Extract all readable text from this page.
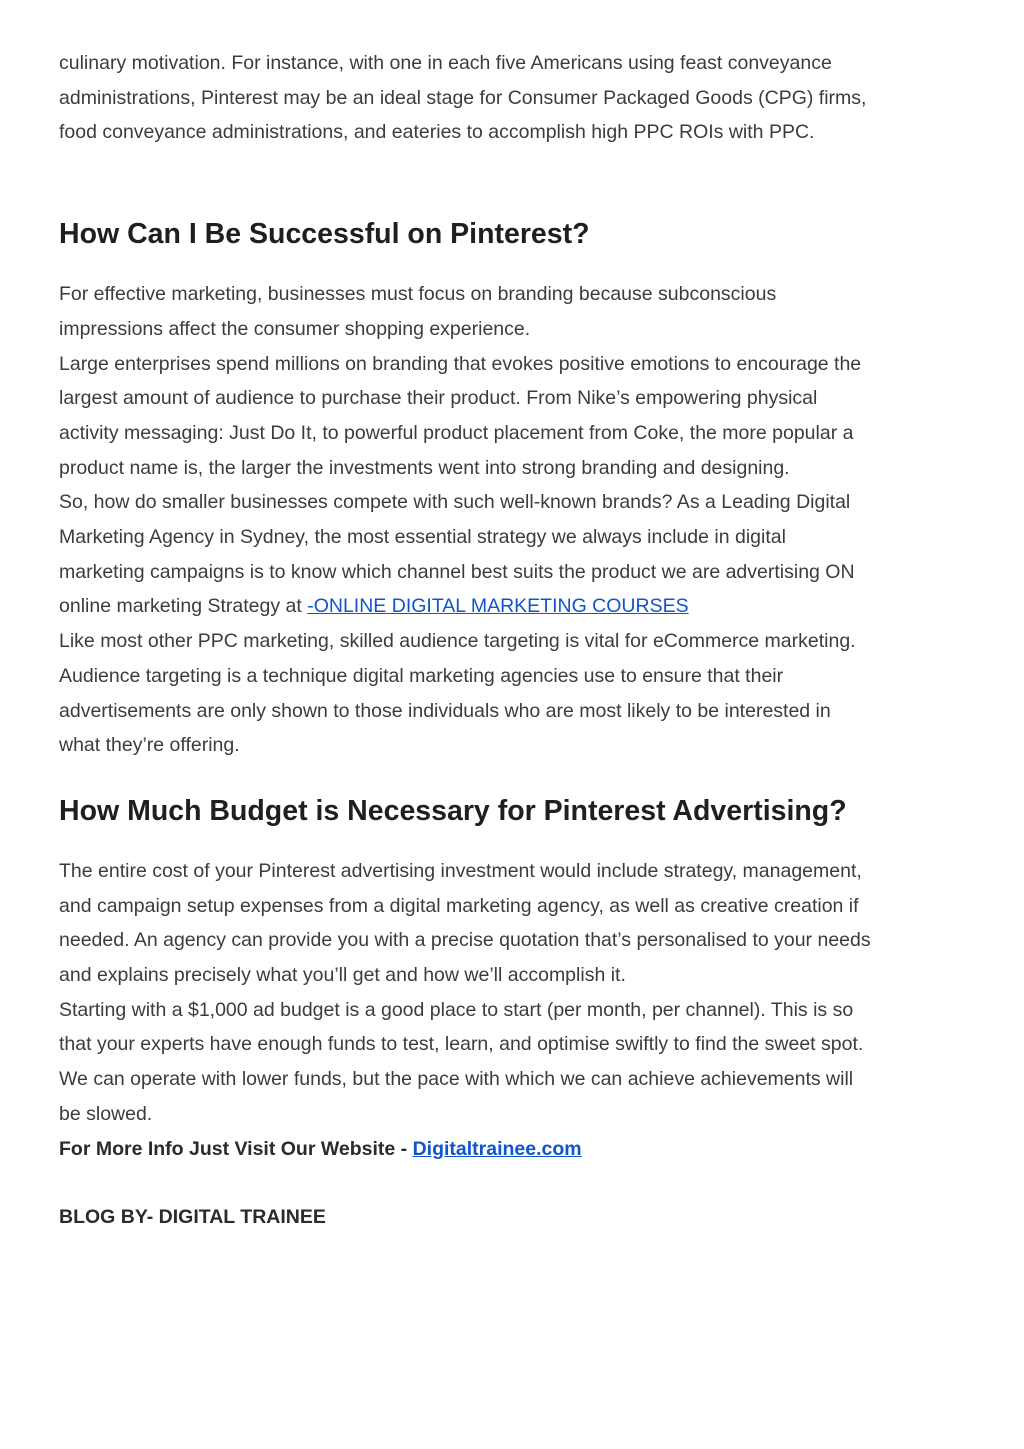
culinary motivation. For instance, with one in each five Americans using feast conveyance
administrations, Pinterest may be an ideal stage for Consumer Packaged Goods (CPG) firms,
food conveyance administrations, and eateries to accomplish high PPC ROIs with PPC.

How Can I Be Successful on Pinterest?

For effective marketing, businesses must focus on branding because subconscious
impressions affect the consumer shopping experience.
Large enterprises spend millions on branding that evokes positive emotions to encourage the
largest amount of audience to purchase their product. From Nike’s empowering physical
activity messaging: Just Do It, to powerful product placement from Coke, the more popular a
product name is, the larger the investments went into strong branding and designing.
So, how do smaller businesses compete with such well-known brands? As a Leading Digital
Marketing Agency in Sydney, the most essential strategy we always include in digital
marketing campaigns is to know which channel best suits the product we are advertising ON
online marketing Strategy at -ONLINE DIGITAL MARKETING COURSES
Like most other PPC marketing, skilled audience targeting is vital for eCommerce marketing.
Audience targeting is a technique digital marketing agencies use to ensure that their
advertisements are only shown to those individuals who are most likely to be interested in
what they’re offering.

How Much Budget is Necessary for Pinterest Advertising?

The entire cost of your Pinterest advertising investment would include strategy, management,
and campaign setup expenses from a digital marketing agency, as well as creative creation if
needed. An agency can provide you with a precise quotation that’s personalised to your needs
and explains precisely what you’ll get and how we’ll accomplish it.
Starting with a $1,000 ad budget is a good place to start (per month, per channel). This is so
that your experts have enough funds to test, learn, and optimise swiftly to find the sweet spot.
We can operate with lower funds, but the pace with which we can achieve achievements will
be slowed.
For More Info Just Visit Our Website - Digitaltrainee.com

BLOG BY- DIGITAL TRAINEE
